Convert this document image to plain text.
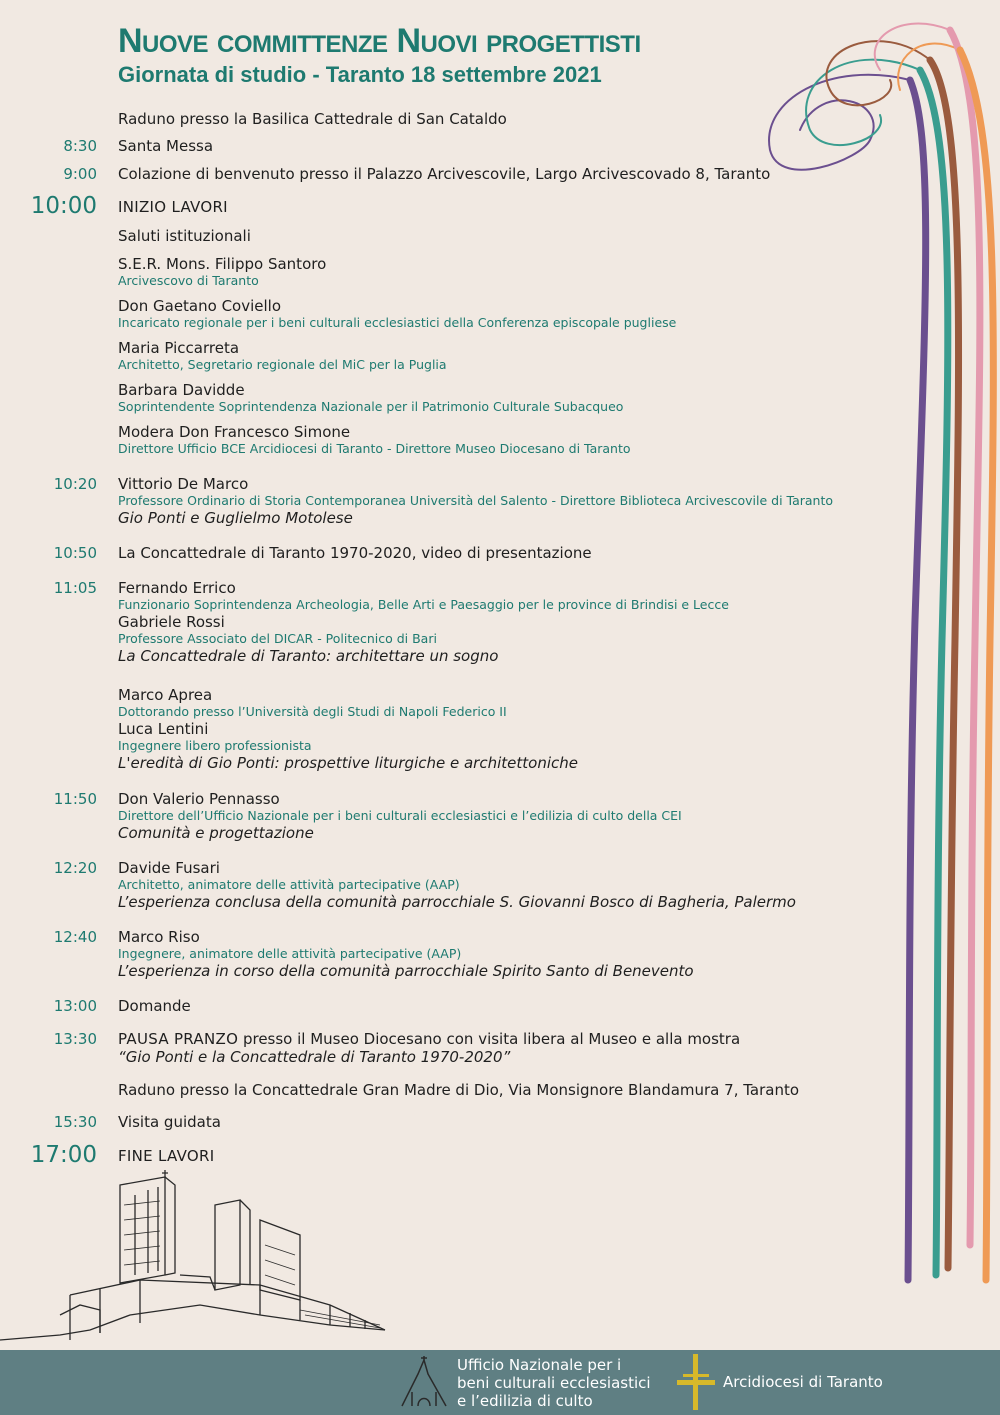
Nuove committenze Nuovi progettisti
Giornata di studio - Taranto 18 settembre 2021
Raduno presso la Basilica Cattedrale di San Cataldo
8:30 Santa Messa
9:00 Colazione di benvenuto presso il Palazzo Arcivescovile, Largo Arcivescovado 8, Taranto
10:00 INIZIO LAVORI
Saluti istituzionali
S.E.R. Mons. Filippo Santoro
Arcivescovo di Taranto
Don Gaetano Coviello
Incaricato regionale per i beni culturali ecclesiastici della Conferenza episcopale pugliese
Maria Piccarreta
Architetto, Segretario regionale del MiC per la Puglia
Barbara Davidde
Soprintendente Soprintendenza Nazionale per il Patrimonio Culturale Subacqueo
Modera Don Francesco Simone
Direttore Ufficio BCE Arcidiocesi di Taranto - Direttore Museo Diocesano di Taranto
10:20 Vittorio De Marco
Professore Ordinario di Storia Contemporanea Università del Salento - Direttore Biblioteca Arcivescovile di Taranto
Gio Ponti e Guglielmo Motolese
10:50 La Concattedrale di Taranto 1970-2020, video di presentazione
11:05 Fernando Errico
Funzionario Soprintendenza Archeologia, Belle Arti e Paesaggio per le province di Brindisi e Lecce
Gabriele Rossi
Professore Associato del DICAR - Politecnico di Bari
La Concattedrale di Taranto: architettare un sogno
Marco Aprea
Dottorando presso l’Università degli Studi di Napoli Federico II
Luca Lentini
Ingegnere libero professionista
L'eredità di Gio Ponti: prospettive liturgiche e architettoniche
11:50 Don Valerio Pennasso
Direttore dell’Ufficio Nazionale per i beni culturali ecclesiastici e l’edilizia di culto della CEI
Comunità e progettazione
12:20 Davide Fusari
Architetto, animatore delle attività partecipative (AAP)
L’esperienza conclusa della comunità parrocchiale S. Giovanni Bosco di Bagheria, Palermo
12:40 Marco Riso
Ingegnere, animatore delle attività partecipative (AAP)
L’esperienza in corso della comunità parrocchiale Spirito Santo di Benevento
13:00 Domande
13:30 PAUSA PRANZO presso il Museo Diocesano con visita libera al Museo e alla mostra
“Gio Ponti e la Concattedrale di Taranto 1970-2020”
Raduno presso la Concattedrale Gran Madre di Dio, Via Monsignore Blandamura 7, Taranto
15:30 Visita guidata
17:00 FINE LAVORI
Ufficio Nazionale per i
beni culturali ecclesiastici
e l’edilizia di culto
Arcidiocesi di Taranto
